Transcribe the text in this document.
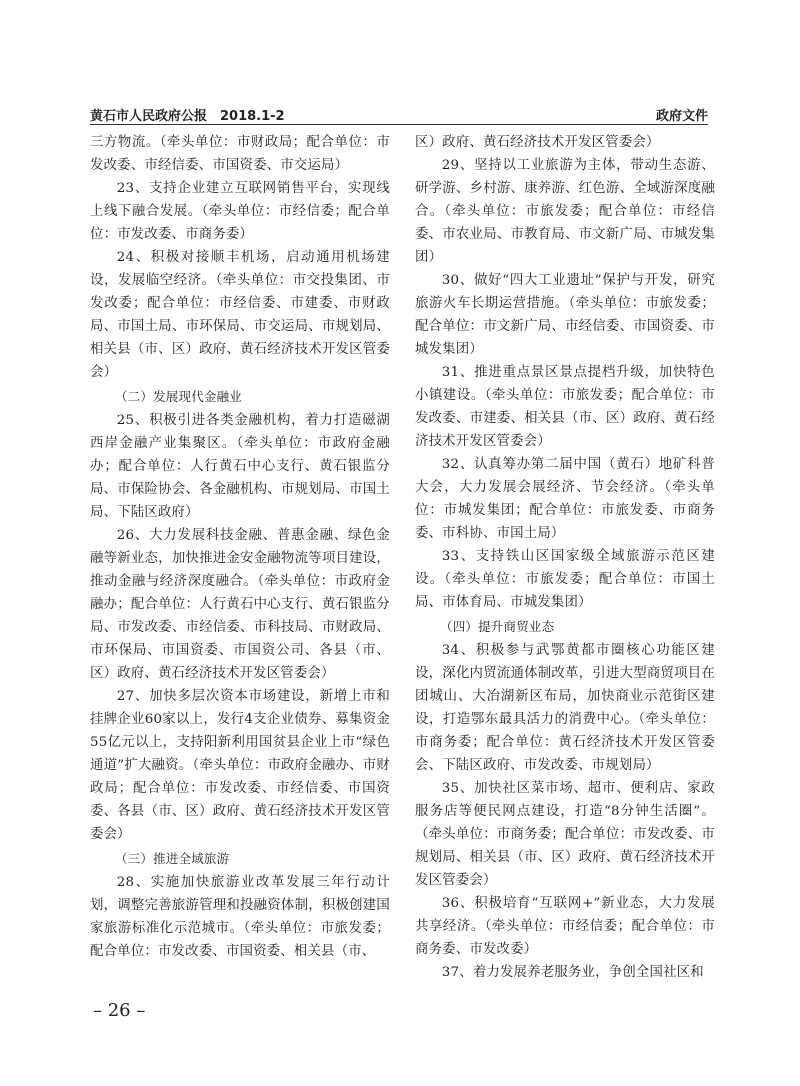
黄石市人民政府公报　2018.1-2	政府文件

三方物流。（牵头单位：市财政局；配合单位：市发改委、市经信委、市国资委、市交运局）

23、支持企业建立互联网销售平台，实现线上线下融合发展。（牵头单位：市经信委；配合单位：市发改委、市商务委）

24、积极对接顺丰机场，启动通用机场建设，发展临空经济。（牵头单位：市交投集团、市发改委；配合单位：市经信委、市建委、市财政局、市国土局、市环保局、市交运局、市规划局、相关县（市、区）政府、黄石经济技术开发区管委会）

（二）发展现代金融业

25、积极引进各类金融机构，着力打造磁湖西岸金融产业集聚区。（牵头单位：市政府金融办；配合单位：人行黄石中心支行、黄石银监分局、市保险协会、各金融机构、市规划局、市国土局、下陆区政府）

26、大力发展科技金融、普惠金融、绿色金融等新业态，加快推进金安金融物流等项目建设，推动金融与经济深度融合。（牵头单位：市政府金融办；配合单位：人行黄石中心支行、黄石银监分局、市发改委、市经信委、市科技局、市财政局、市环保局、市国资委、市国资公司、各县（市、区）政府、黄石经济技术开发区管委会）

27、加快多层次资本市场建设，新增上市和挂牌企业60家以上，发行4支企业债券、募集资金55亿元以上，支持阳新利用国贫县企业上市“绿色通道”扩大融资。（牵头单位：市政府金融办、市财政局；配合单位：市发改委、市经信委、市国资委、各县（市、区）政府、黄石经济技术开发区管委会）

（三）推进全域旅游

28、实施加快旅游业改革发展三年行动计划，调整完善旅游管理和投融资体制，积极创建国家旅游标准化示范城市。（牵头单位：市旅发委；配合单位：市发改委、市国资委、相关县（市、

区）政府、黄石经济技术开发区管委会）

29、坚持以工业旅游为主体，带动生态游、研学游、乡村游、康养游、红色游、全域游深度融合。（牵头单位：市旅发委；配合单位：市经信委、市农业局、市教育局、市文新广局、市城发集团）

30、做好“四大工业遗址”保护与开发，研究旅游火车长期运营措施。（牵头单位：市旅发委；配合单位：市文新广局、市经信委、市国资委、市城发集团）

31、推进重点景区景点提档升级，加快特色小镇建设。（牵头单位：市旅发委；配合单位：市发改委、市建委、相关县（市、区）政府、黄石经济技术开发区管委会）

32、认真筹办第二届中国（黄石）地矿科普大会，大力发展会展经济、节会经济。（牵头单位：市城发集团；配合单位：市旅发委、市商务委、市科协、市国土局）

33、支持铁山区国家级全域旅游示范区建设。（牵头单位：市旅发委；配合单位：市国土局、市体育局、市城发集团）

（四）提升商贸业态

34、积极参与武鄂黄都市圈核心功能区建设，深化内贸流通体制改革，引进大型商贸项目在团城山、大冶湖新区布局，加快商业示范街区建设，打造鄂东最具活力的消费中心。（牵头单位：市商务委；配合单位：黄石经济技术开发区管委会、下陆区政府、市发改委、市规划局）

35、加快社区菜市场、超市、便利店、家政服务店等便民网点建设，打造“8分钟生活圈”。（牵头单位：市商务委；配合单位：市发改委、市规划局、相关县（市、区）政府、黄石经济技术开发区管委会）

36、积极培育“互联网+”新业态，大力发展共享经济。（牵头单位：市经信委；配合单位：市商务委、市发改委）

37、着力发展养老服务业，争创全国社区和

– 26 –
